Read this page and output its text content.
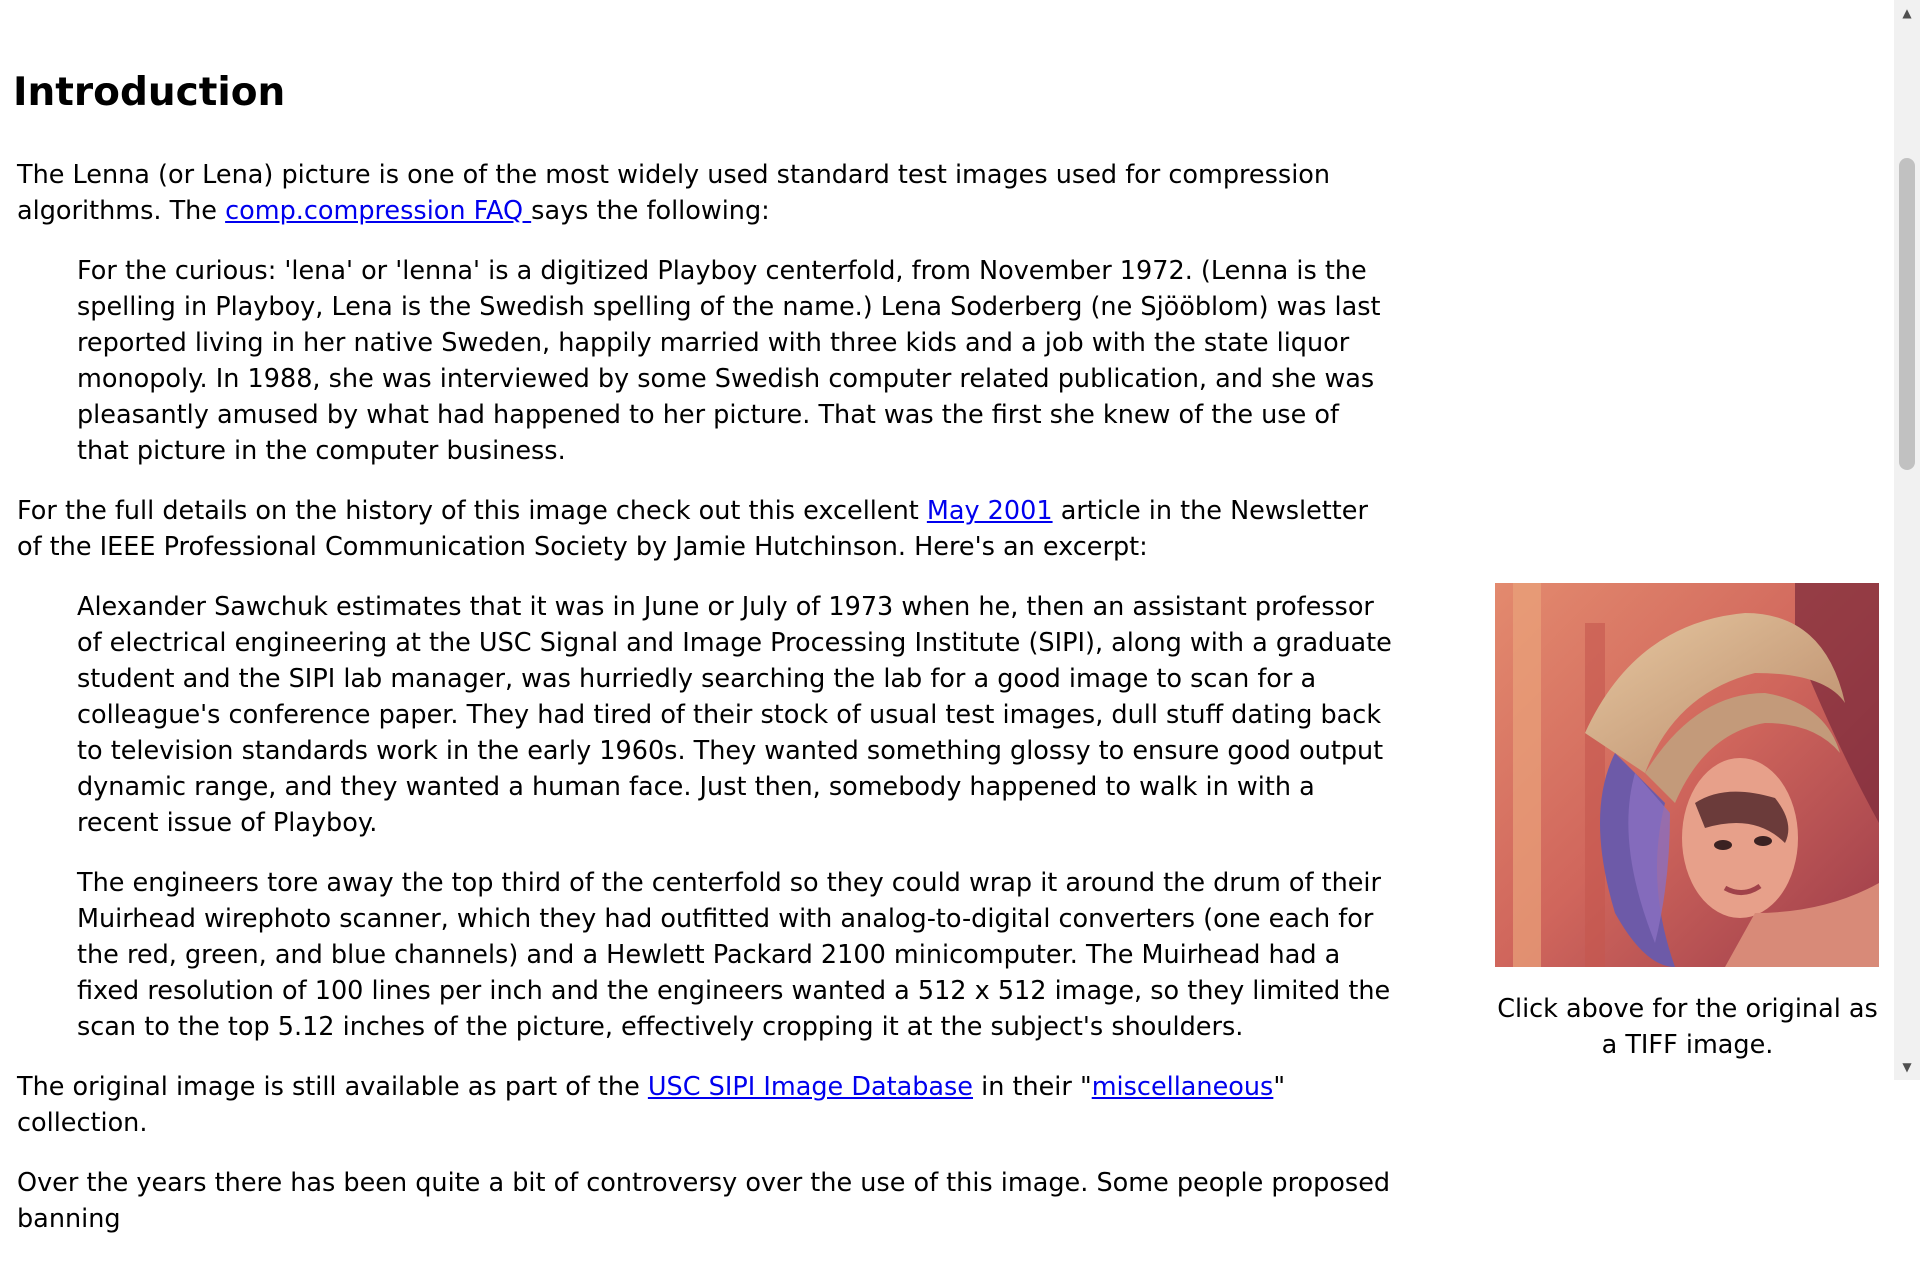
Introduction

The Lenna (or Lena) picture is one of the most widely used standard test images used for compression algorithms. The comp.compression FAQ says the following:

For the curious: 'lena' or 'lenna' is a digitized Playboy centerfold, from November 1972. (Lenna is the spelling in Playboy, Lena is the Swedish spelling of the name.) Lena Soderberg (ne Sjööblom) was last reported living in her native Sweden, happily married with three kids and a job with the state liquor monopoly. In 1988, she was interviewed by some Swedish computer related publication, and she was pleasantly amused by what had happened to her picture. That was the first she knew of the use of that picture in the computer business.

For the full details on the history of this image check out this excellent May 2001 article in the Newsletter of the IEEE Professional Communication Society by Jamie Hutchinson. Here's an excerpt:

Alexander Sawchuk estimates that it was in June or July of 1973 when he, then an assistant professor of electrical engineering at the USC Signal and Image Processing Institute (SIPI), along with a graduate student and the SIPI lab manager, was hurriedly searching the lab for a good image to scan for a colleague's conference paper. They had tired of their stock of usual test images, dull stuff dating back to television standards work in the early 1960s. They wanted something glossy to ensure good output dynamic range, and they wanted a human face. Just then, somebody happened to walk in with a recent issue of Playboy.

The engineers tore away the top third of the centerfold so they could wrap it around the drum of their Muirhead wirephoto scanner, which they had outfitted with analog-to-digital converters (one each for the red, green, and blue channels) and a Hewlett Packard 2100 minicomputer. The Muirhead had a fixed resolution of 100 lines per inch and the engineers wanted a 512 x 512 image, so they limited the scan to the top 5.12 inches of the picture, effectively cropping it at the subject's shoulders.

The original image is still available as part of the USC SIPI Image Database in their "miscellaneous" collection.

Over the years there has been quite a bit of controversy over the use of this image. Some people proposed banning

Click above for the original as a TIFF image.
▲
▼
